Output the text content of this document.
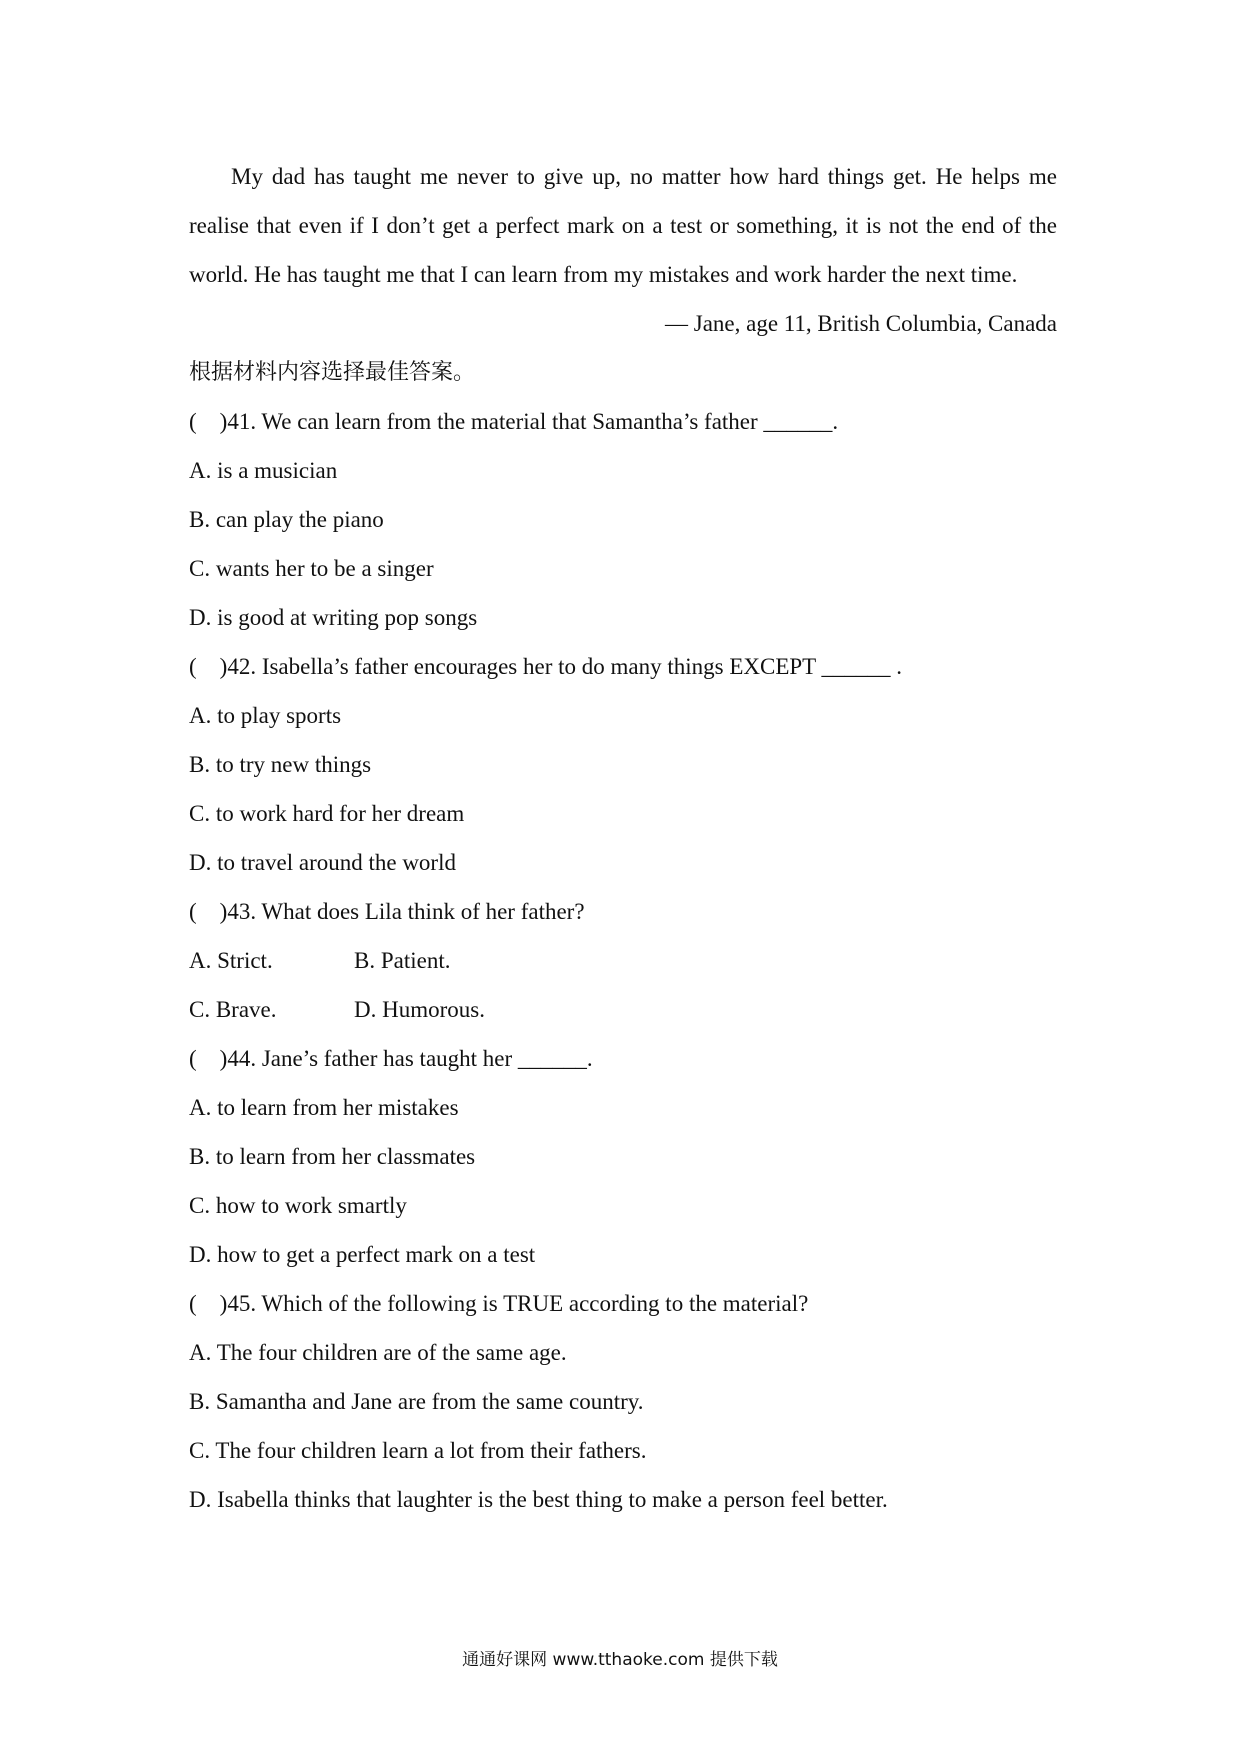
My dad has taught me never to give up, no matter how hard things get. He helps me realise that even if I don’t get a perfect mark on a test or something, it is not the end of the world. He has taught me that I can learn from my mistakes and work harder the next time.

— Jane, age 11, British Columbia, Canada

根据材料内容选择最佳答案。

(    )41. We can learn from the material that Samantha’s father ______.

A. is a musician

B. can play the piano

C. wants her to be a singer

D. is good at writing pop songs

(    )42. Isabella’s father encourages her to do many things EXCEPT ______ .

A. to play sports

B. to try new things

C. to work hard for her dream

D. to travel around the world

(    )43. What does Lila think of her father?

A. Strict.	B. Patient.
C. Brave.	D. Humorous.

(    )44. Jane’s father has taught her ______.

A. to learn from her mistakes

B. to learn from her classmates

C. how to work smartly

D. how to get a perfect mark on a test

(    )45. Which of the following is TRUE according to the material?

A. The four children are of the same age.

B. Samantha and Jane are from the same country.

C. The four children learn a lot from their fathers.

D. Isabella thinks that laughter is the best thing to make a person feel better.

通通好课网 www.tthaoke.com 提供下载
